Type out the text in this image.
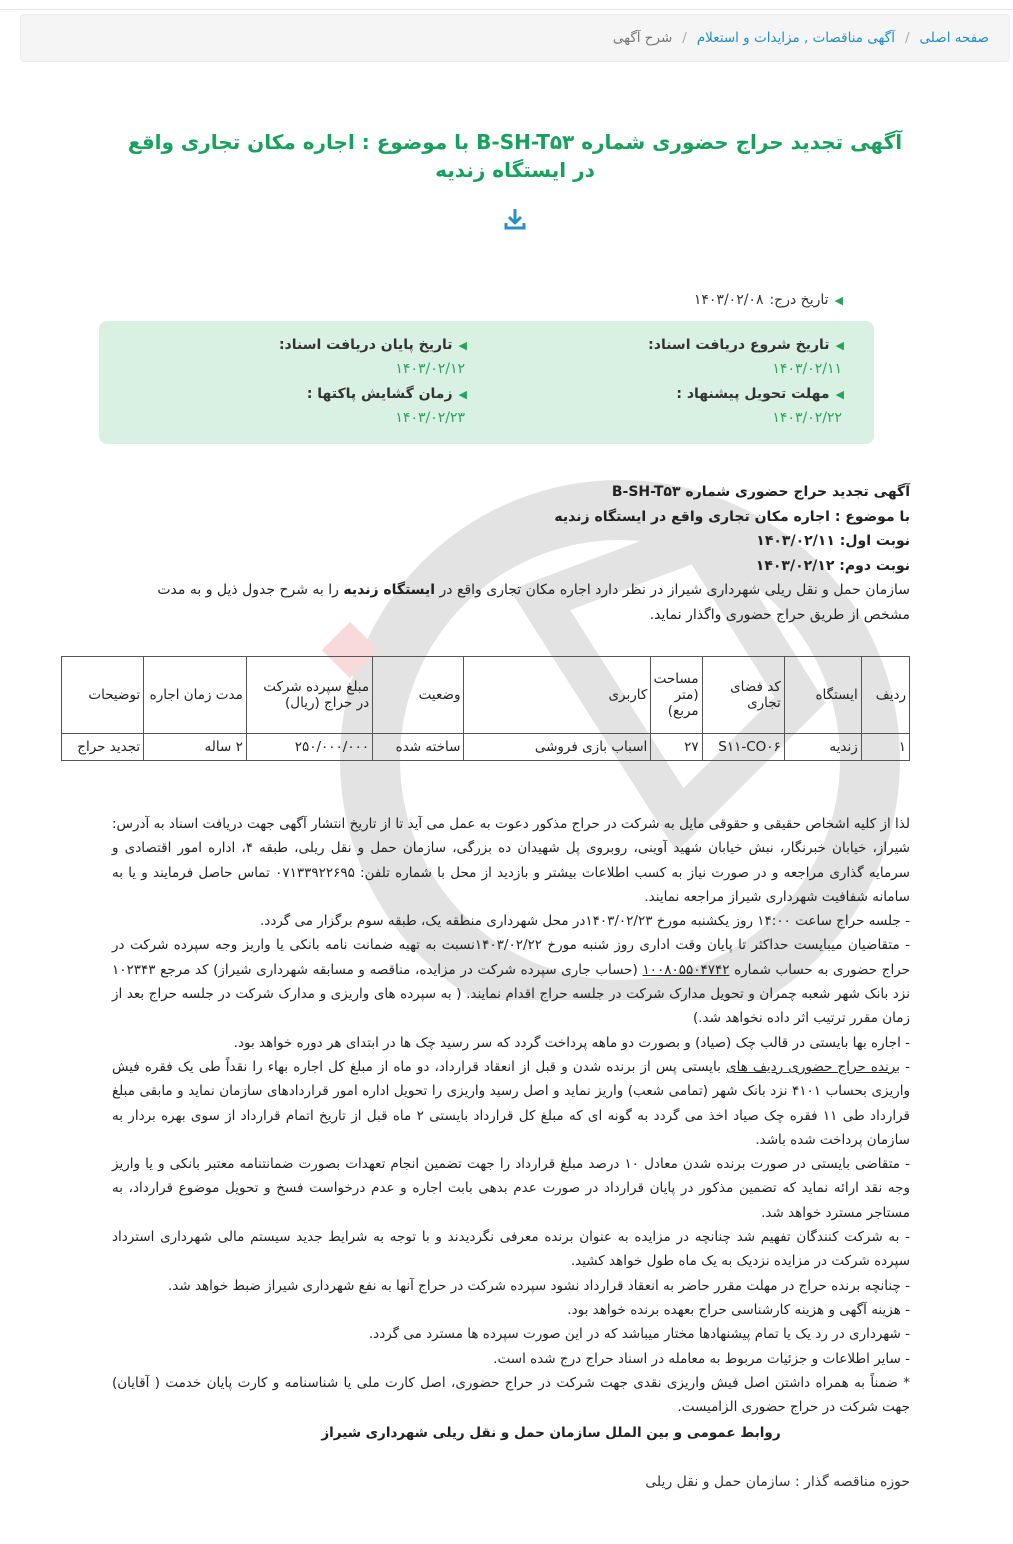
صفحه اصلی
/
آگهی مناقصات , مزایدات و استعلام
/
شرح آگهی
آگهی تجدید حراج حضوری شماره B-SH-T۵۳ با موضوع : اجاره مکان تجاری واقع در ایستگاه زندیه
◀
تاریخ درج:
۱۴۰۳/۰۲/۰۸
◀
تاریخ شروع دریافت اسناد:
۱۴۰۳/۰۲/۱۱
◀
تاریخ پایان دریافت اسناد:
۱۴۰۳/۰۲/۱۲
◀
مهلت تحویل پیشنهاد :
۱۴۰۳/۰۲/۲۲
◀
زمان گشایش پاکتها :
۱۴۰۳/۰۲/۲۳

آگهی تجدید حراج حضوری شماره B-SH-T۵۳

با موضوع : اجاره مکان تجاری واقع در ایستگاه زندیه

نوبت اول: ۱۴۰۳/۰۲/۱۱

نوبت دوم: ۱۴۰۳/۰۲/۱۲

سازمان حمل و نقل ریلی شهرداری شیراز در نظر دارد اجاره مکان تجاری واقع در ایستگاه زندیه را به شرح جدول ذیل و به مدت مشخص از طریق حراج حضوری واگذار نماید.

ردیف	ایستگاه	کد فضای تجاری	مساحت (متر مربع)	کاربری	وضعیت	مبلغ سپرده شرکت در حراج (ریال)	مدت زمان اجاره	توضیحات
۱	زندیه	S۱۱-CO۰۶	۲۷	اسباب بازی فروشی	ساخته شده	۲۵۰/۰۰۰/۰۰۰	۲ ساله	تجدید حراج

لذا از کلیه اشخاص حقیقی و حقوقی مایل به شرکت در حراج مذکور دعوت به عمل می آید تا از تاریخ انتشار آگهی جهت دریافت اسناد به آدرس: شیراز، خیابان خبرنگار، نبش خیابان شهید آوینی، روبروی پل شهیدان ده بزرگی، سازمان حمل و نقل ریلی، طبقه ۴، اداره امور اقتصادی و سرمایه گذاری مراجعه و در صورت نیاز به کسب اطلاعات بیشتر و بازدید از محل با شماره تلفن: ۰۷۱۳۳۹۲۲۶۹۵ تماس حاصل فرمایند و یا به سامانه شفافیت شهرداری شیراز مراجعه نمایند.

- جلسه حراج ساعت ۱۴:۰۰ روز یکشنبه مورخ ۱۴۰۳/۰۲/۲۳در محل شهرداری منطقه یک، طبقه سوم برگزار می گردد.

- متقاضیان میبایست حداکثر تا پایان وقت اداری روز شنبه مورخ ۱۴۰۳/۰۲/۲۲نسبت به تهیه ضمانت نامه بانکی یا واریز وجه سپرده شرکت در حراج حضوری به حساب شماره ۱۰۰۸۰۵۵۰۴۷۴۲ (حساب جاری سپرده شرکت در مزایده، مناقصه و مسابقه شهرداری شیراز) کد مرجع ۱۰۲۳۴۳ نزد بانک شهر شعبه چمران و تحویل مدارک شرکت در جلسه حراج اقدام نمایند. ( به سپرده های واریزی و مدارک شرکت در جلسه حراج بعد از زمان مقرر ترتیب اثر داده نخواهد شد.)

- اجاره بها بایستی در قالب چک (صیاد) و بصورت دو ماهه پرداخت گردد که سر رسید چک ها در ابتدای هر دوره خواهد بود.

- برنده حراج حضوری ردیف های بایستی پس از برنده شدن و قبل از انعقاد قرارداد، دو ماه از مبلغ کل اجاره بهاء را نقداً طی یک فقره فیش واریزی بحساب ۴۱۰۱ نزد بانک شهر (تمامی شعب) واریز نماید و اصل رسید واریزی را تحویل اداره امور قراردادهای سازمان نماید و مابقی مبلغ قرارداد طی ۱۱ فقره چک صیاد اخذ می گردد به گونه ای که مبلغ کل قرارداد بایستی ۲ ماه قبل از تاریخ اتمام قرارداد از سوی بهره بردار به سازمان پرداخت شده باشد.

- متقاضی بایستی در صورت برنده شدن معادل ۱۰ درصد مبلغ قرارداد را جهت تضمین انجام تعهدات بصورت ضمانتنامه معتبر بانکی و یا واریز وجه نقد ارائه نماید که تضمین مذکور در پایان قرارداد در صورت عدم بدهی بابت اجاره و عدم درخواست فسخ و تحویل موضوع قرارداد، به مستاجر مسترد خواهد شد.

- به شرکت کنندگان تفهیم شد چنانچه در مزایده به عنوان برنده معرفی نگردیدند و با توجه به شرایط جدید سیستم مالی شهرداری استرداد سپرده شرکت در مزایده نزدیک به یک ماه طول خواهد کشید.

- چنانچه برنده حراج در مهلت مقرر حاضر به انعقاد قرارداد نشود سپرده شرکت در حراج آنها به نفع شهرداری شیراز ضبط خواهد شد.

- هزینه آگهی و هزینه کارشناسی حراج بعهده برنده خواهد بود.

- شهرداری در رد یک یا تمام پیشنهادها مختار میباشد که در این صورت سپرده ها مسترد می گردد.

- سایر اطلاعات و جزئیات مربوط به معامله در اسناد حراج درج شده است.

* ضمناً به همراه داشتن اصل فیش واریزی نقدی جهت شرکت در حراج حضوری، اصل کارت ملی یا شناسنامه و کارت پایان خدمت ( آقایان) جهت شرکت در حراج حضوری الزامیست.

روابط عمومی و بین الملل سازمان حمل و نقل ریلی شهرداری شیراز

حوزه مناقصه گذار : سازمان حمل و نقل ریلی
